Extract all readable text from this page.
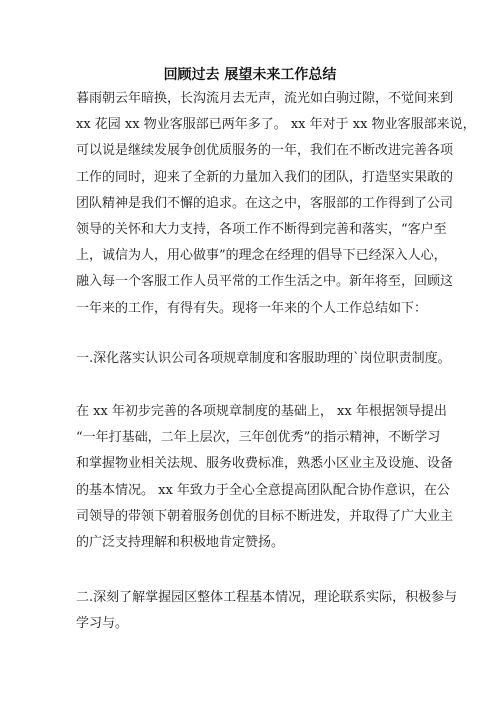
回顾过去 展望未来工作总结
暮雨朝云年暗换，长沟流月去无声，流光如白驹过隙，不觉间来到
xx 花园 xx 物业客服部已两年多了。 xx 年对于 xx 物业客服部来说，
可以说是继续发展争创优质服务的一年，我们在不断改进完善各项
工作的同时，迎来了全新的力量加入我们的团队，打造坚实果敢的
团队精神是我们不懈的追求。在这之中，客服部的工作得到了公司
领导的关怀和大力支持，各项工作不断得到完善和落实，“客户至
上，诚信为人，用心做事”的理念在经理的倡导下已经深入人心，
融入每一个客服工作人员平常的工作生活之中。新年将至，回顾这
一年来的工作，有得有失。现将一年来的个人工作总结如下：
一.深化落实认识公司各项规章制度和客服助理的`岗位职责制度。
在 xx 年初步完善的各项规章制度的基础上， xx 年根据领导提出
“一年打基础，二年上层次，三年创优秀”的指示精神，不断学习
和掌握物业相关法规、服务收费标准，熟悉小区业主及设施、设备
的基本情况。 xx 年致力于全心全意提高团队配合协作意识，在公
司领导的带领下朝着服务创优的目标不断进发，并取得了广大业主
的广泛支持理解和积极地肯定赞扬。
二.深刻了解掌握园区整体工程基本情况，理论联系实际，积极参与
学习与。
